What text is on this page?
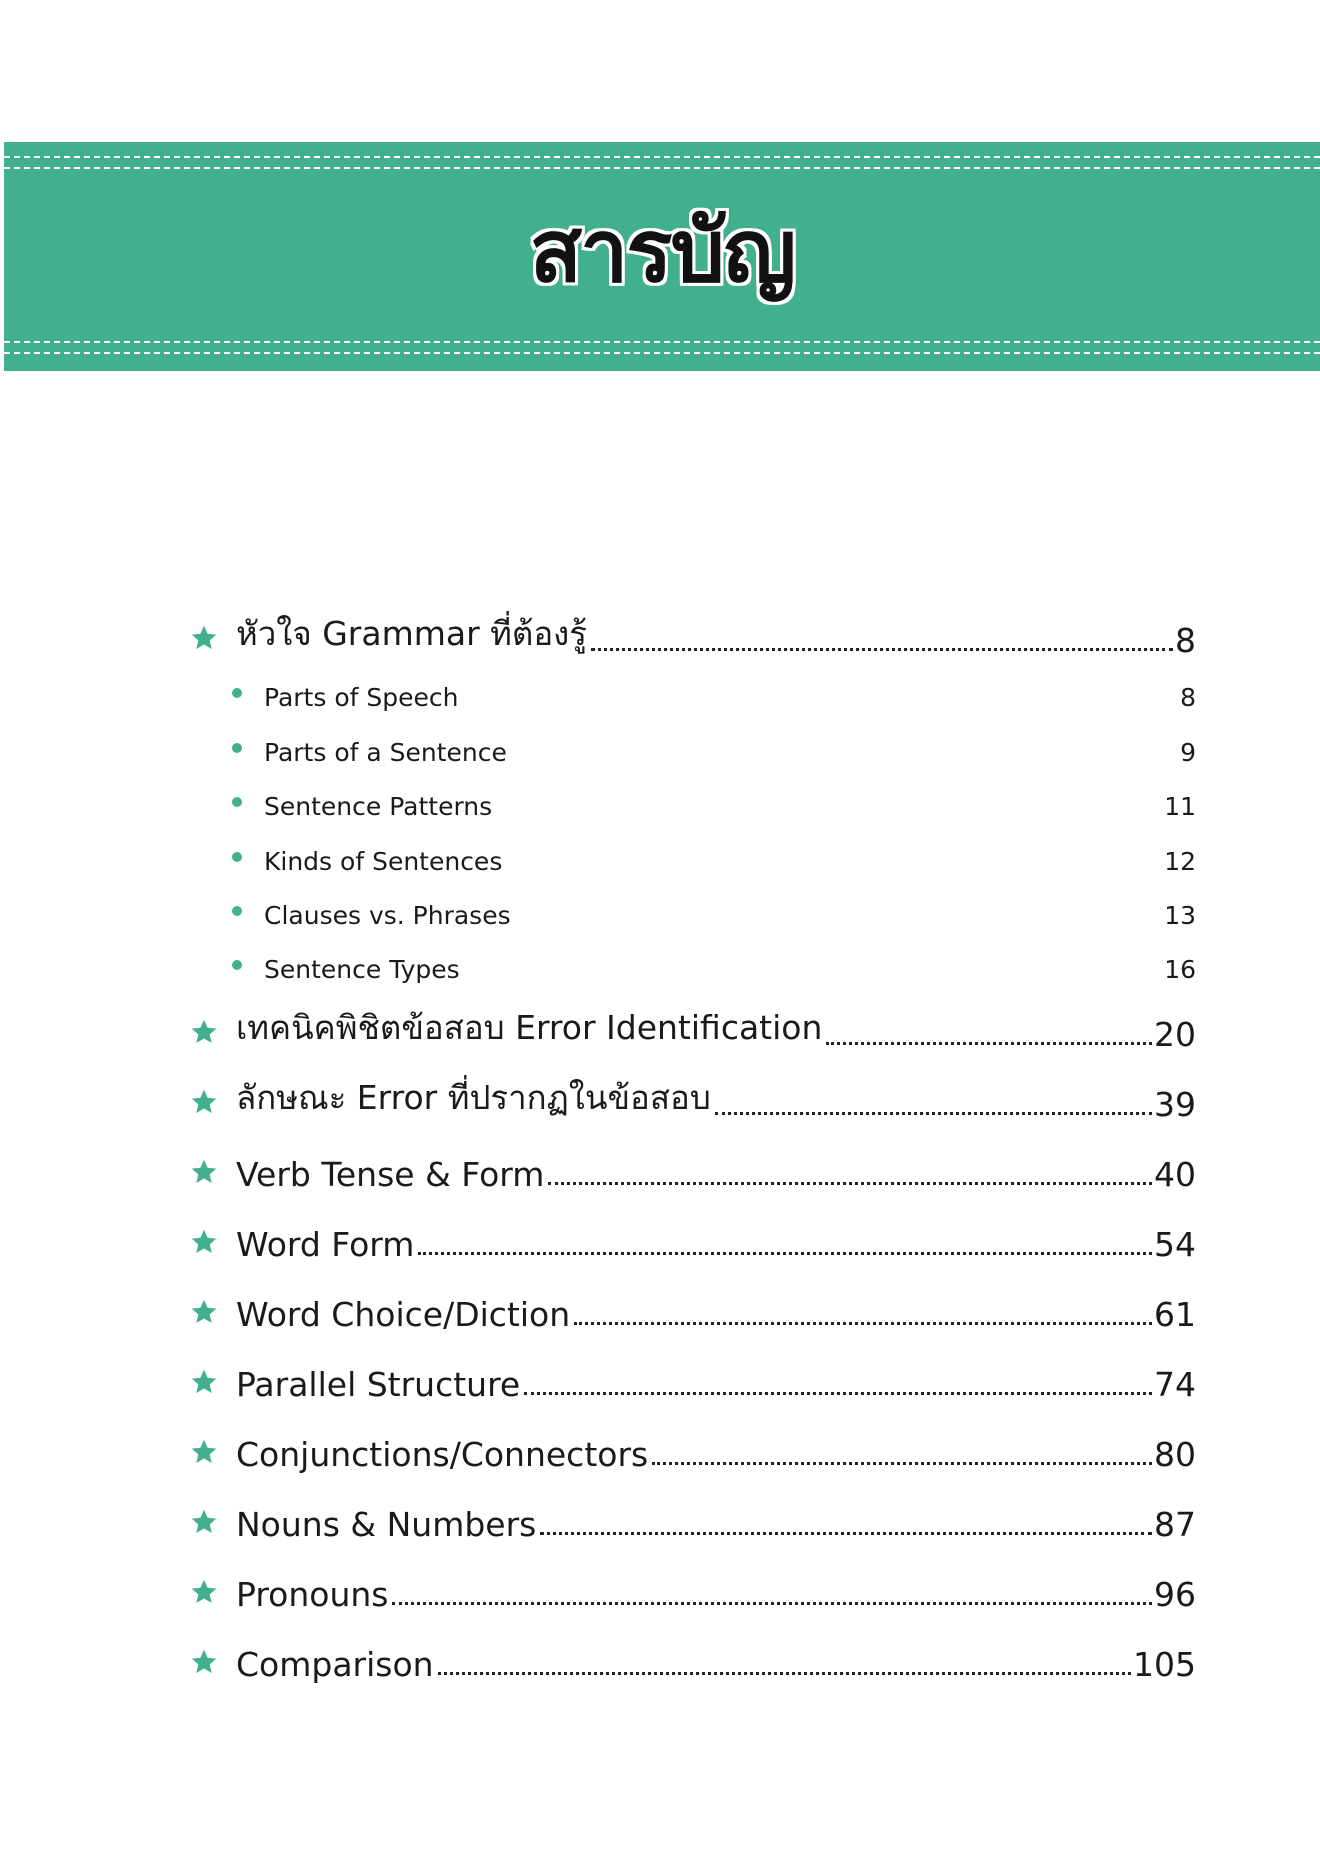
สารบัญ
หัวใจ Grammar ที่ต้องรู้	8
Parts of Speech	8
Parts of a Sentence	9
Sentence Patterns	11
Kinds of Sentences	12
Clauses vs. Phrases	13
Sentence Types	16
เทคนิคพิชิตข้อสอบ Error Identification	20
ลักษณะ Error ที่ปรากฏในข้อสอบ	39
Verb Tense & Form	40
Word Form	54
Word Choice/Diction	61
Parallel Structure	74
Conjunctions/Connectors	80
Nouns & Numbers	87
Pronouns	96
Comparison	105
